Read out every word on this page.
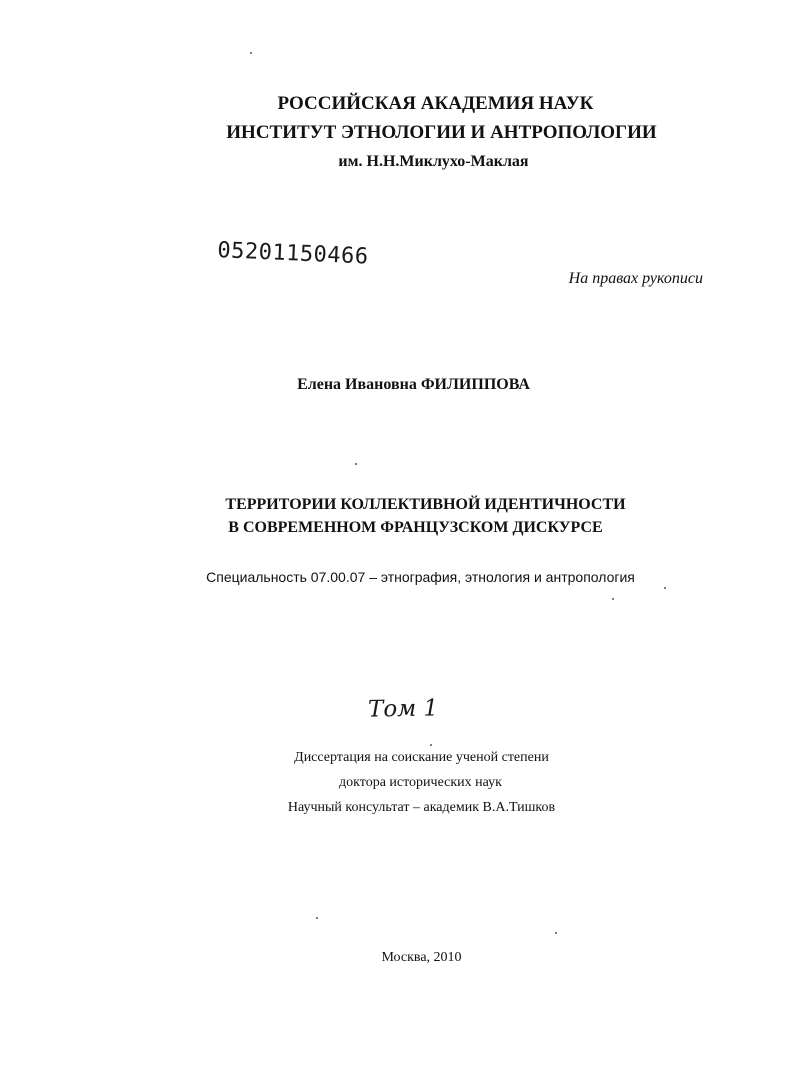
РОССИЙСКАЯ АКАДЕМИЯ НАУК
ИНСТИТУТ ЭТНОЛОГИИ И АНТРОПОЛОГИИ
им. Н.Н.Миклухо-Маклая
05201150466
На правах рукописи
Елена Ивановна ФИЛИППОВА
ТЕРРИТОРИИ КОЛЛЕКТИВНОЙ ИДЕНТИЧНОСТИ
В СОВРЕМЕННОМ ФРАНЦУЗСКОМ ДИСКУРСЕ
Специальность 07.00.07 – этнография, этнология и антропология
Том 1
Диссертация на соискание ученой степени
доктора исторических наук
Научный консультат – академик В.А.Тишков
Москва, 2010
